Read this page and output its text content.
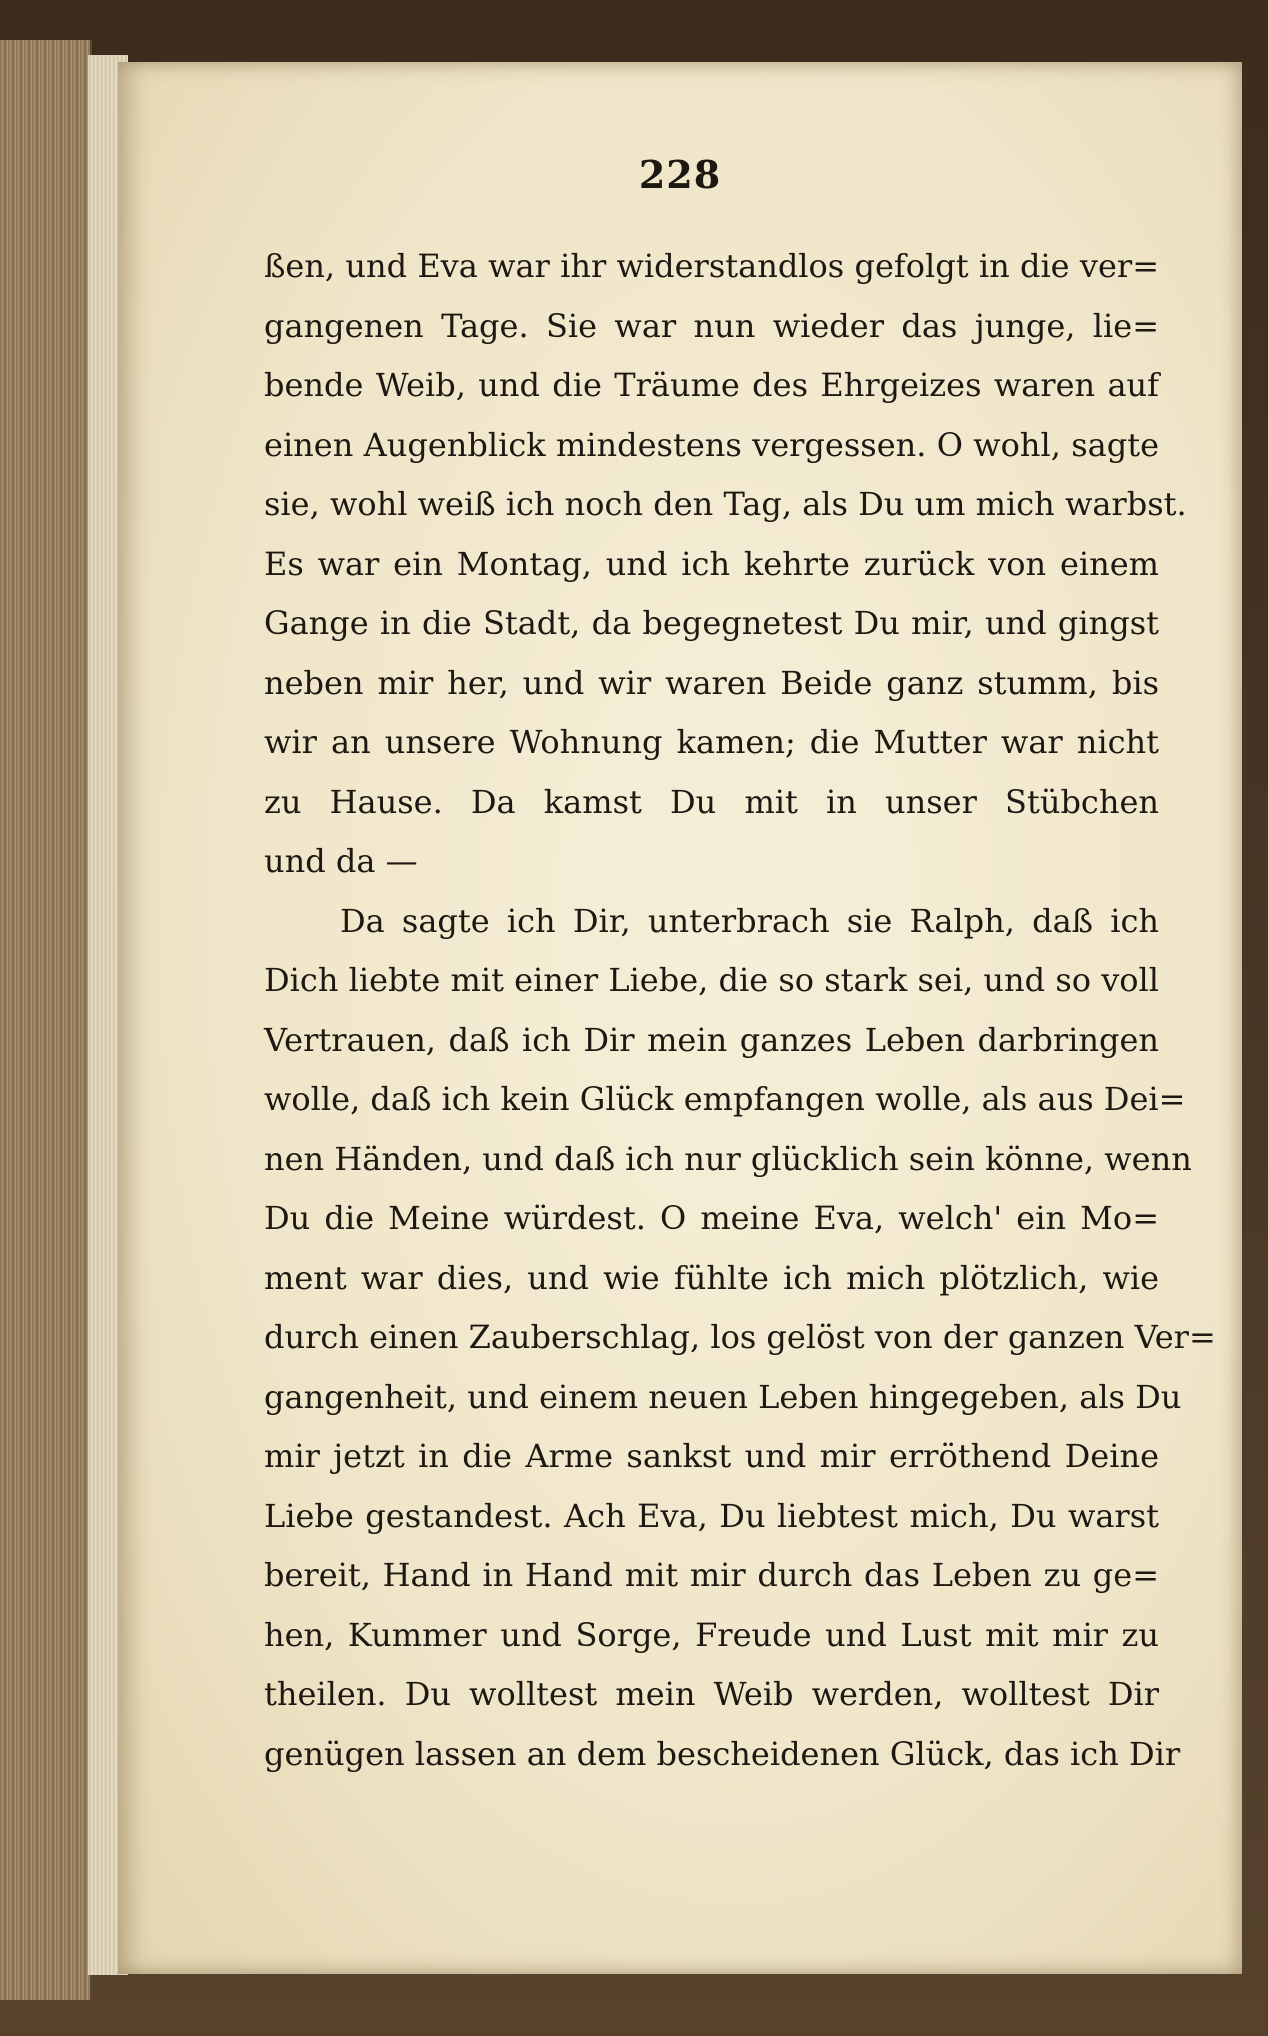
228
ßen, und Eva war ihr widerstandlos gefolgt in die ver=
gangenen Tage. Sie war nun wieder das junge, lie=
bende Weib, und die Träume des Ehrgeizes waren auf
einen Augenblick mindestens vergessen. O wohl, sagte
sie, wohl weiß ich noch den Tag, als Du um mich warbst.
Es war ein Montag, und ich kehrte zurück von einem
Gange in die Stadt, da begegnetest Du mir, und gingst
neben mir her, und wir waren Beide ganz stumm, bis
wir an unsere Wohnung kamen; die Mutter war nicht
zu Hause. Da kamst Du mit in unser Stübchen
und da —
Da sagte ich Dir, unterbrach sie Ralph, daß ich
Dich liebte mit einer Liebe, die so stark sei, und so voll
Vertrauen, daß ich Dir mein ganzes Leben darbringen
wolle, daß ich kein Glück empfangen wolle, als aus Dei=
nen Händen, und daß ich nur glücklich sein könne, wenn
Du die Meine würdest. O meine Eva, welch' ein Mo=
ment war dies, und wie fühlte ich mich plötzlich, wie
durch einen Zauberschlag, los gelöst von der ganzen Ver=
gangenheit, und einem neuen Leben hingegeben, als Du
mir jetzt in die Arme sankst und mir erröthend Deine
Liebe gestandest. Ach Eva, Du liebtest mich, Du warst
bereit, Hand in Hand mit mir durch das Leben zu ge=
hen, Kummer und Sorge, Freude und Lust mit mir zu
theilen. Du wolltest mein Weib werden, wolltest Dir
genügen lassen an dem bescheidenen Glück, das ich Dir
